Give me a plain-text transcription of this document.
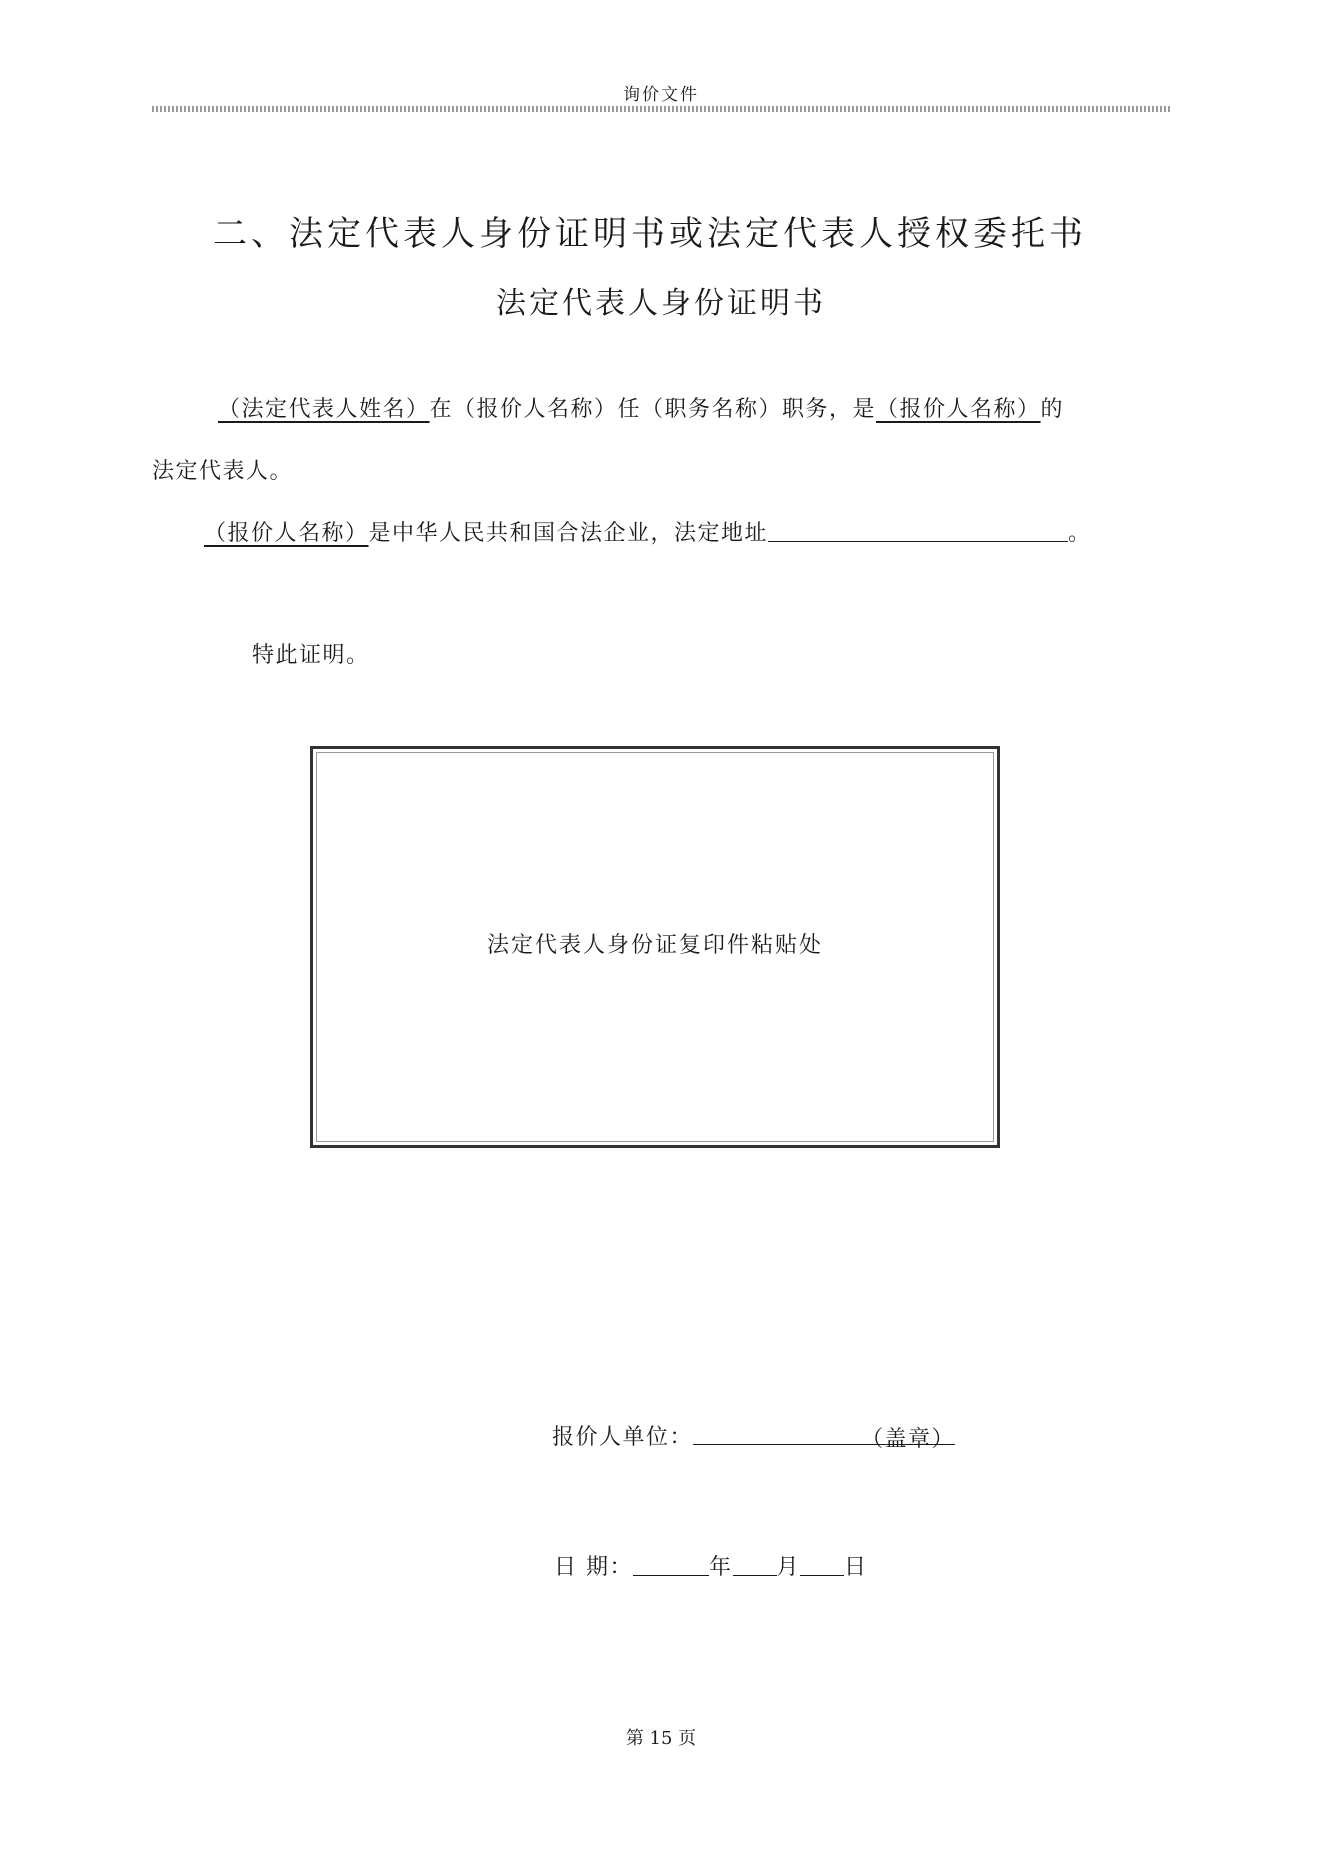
询价文件
二、法定代表人身份证明书或法定代表人授权委托书
法定代表人身份证明书
（法定代表人姓名）在（报价人名称）任（职务名称）职务，是（报价人名称）的
法定代表人。
（报价人名称）是中华人民共和国合法企业，法定地址	。
特此证明。
法定代表人身份证复印件粘贴处
报价人单位：	（盖章）
日 期：	年 月 日
第 15 页
